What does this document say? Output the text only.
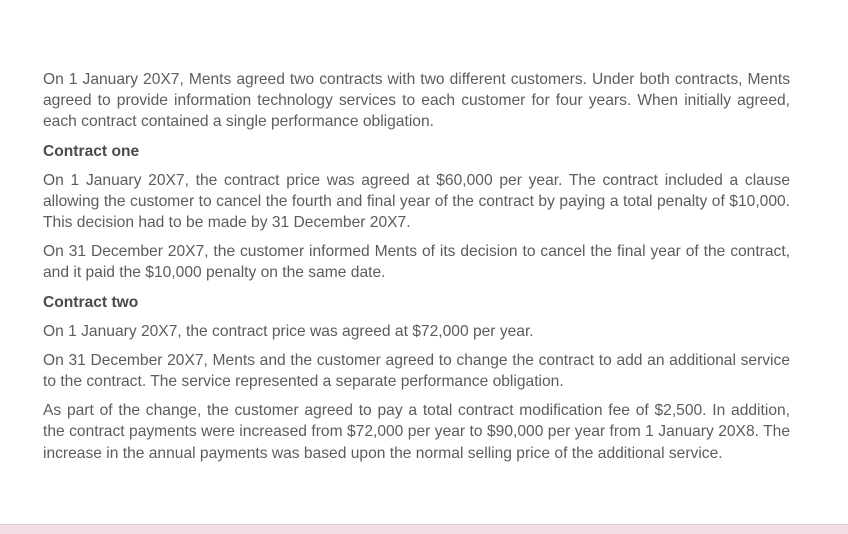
On 1 January 20X7, Ments agreed two contracts with two different customers. Under both contracts, Ments agreed to provide information technology services to each customer for four years. When initially agreed, each contract contained a single performance obligation.

Contract one

On 1 January 20X7, the contract price was agreed at $60,000 per year. The contract included a clause allowing the customer to cancel the fourth and final year of the contract by paying a total penalty of $10,000. This decision had to be made by 31 December 20X7.

On 31 December 20X7, the customer informed Ments of its decision to cancel the final year of the contract, and it paid the $10,000 penalty on the same date.

Contract two

On 1 January 20X7, the contract price was agreed at $72,000 per year.

On 31 December 20X7, Ments and the customer agreed to change the contract to add an additional service to the contract. The service represented a separate performance obligation.

As part of the change, the customer agreed to pay a total contract modification fee of $2,500. In addition, the contract payments were increased from $72,000 per year to $90,000 per year from 1 January 20X8. The increase in the annual payments was based upon the normal selling price of the additional service.
